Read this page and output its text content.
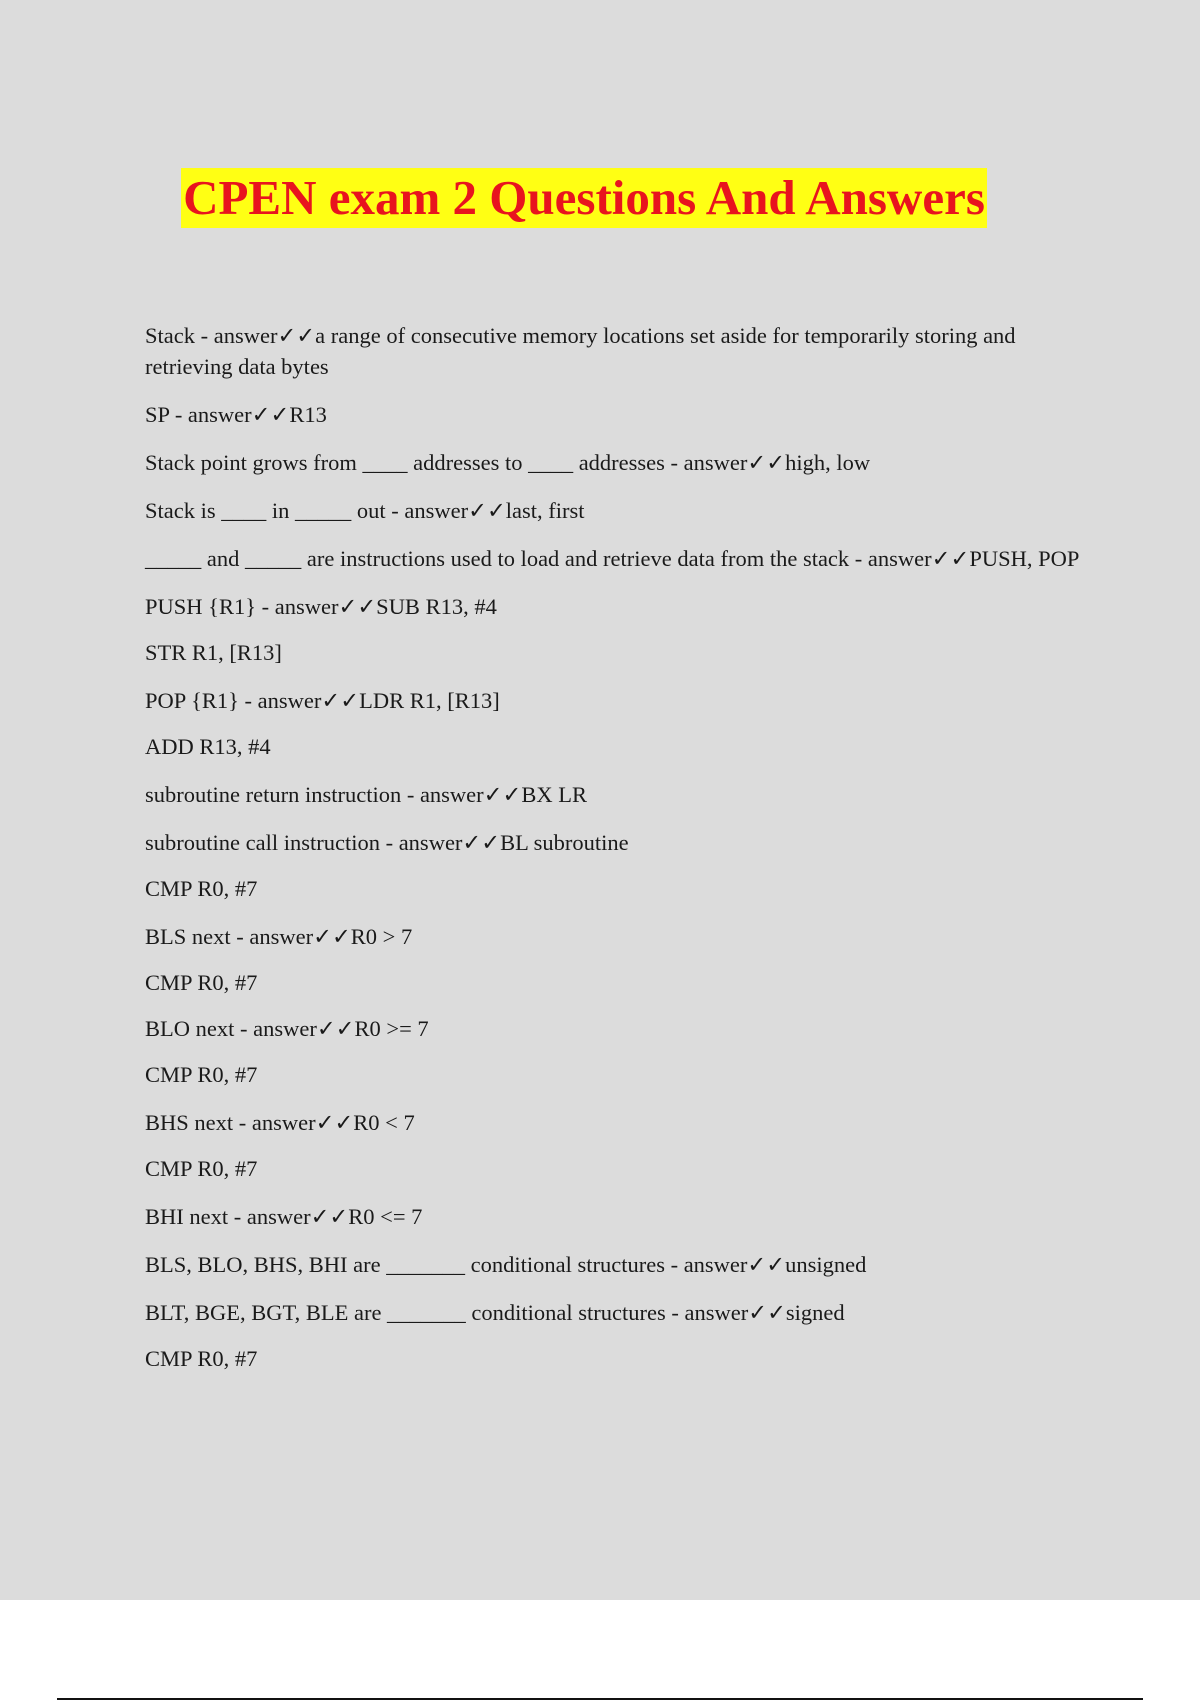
CPEN exam 2 Questions And Answers
Stack - answer✓✓a range of consecutive memory locations set aside for temporarily storing and retrieving data bytes
SP - answer✓✓R13
Stack point grows from ____ addresses to ____ addresses - answer✓✓high, low
Stack is ____ in _____ out - answer✓✓last, first
_____ and _____ are instructions used to load and retrieve data from the stack - answer✓✓PUSH, POP
PUSH {R1} - answer✓✓SUB R13, #4
STR R1, [R13]
POP {R1} - answer✓✓LDR R1, [R13]
ADD R13, #4
subroutine return instruction - answer✓✓BX LR
subroutine call instruction - answer✓✓BL subroutine
CMP R0, #7
BLS next - answer✓✓R0 > 7
CMP R0, #7
BLO next - answer✓✓R0 >= 7
CMP R0, #7
BHS next - answer✓✓R0 < 7
CMP R0, #7
BHI next - answer✓✓R0 <= 7
BLS, BLO, BHS, BHI are _______ conditional structures - answer✓✓unsigned
BLT, BGE, BGT, BLE are _______ conditional structures - answer✓✓signed
CMP R0, #7
